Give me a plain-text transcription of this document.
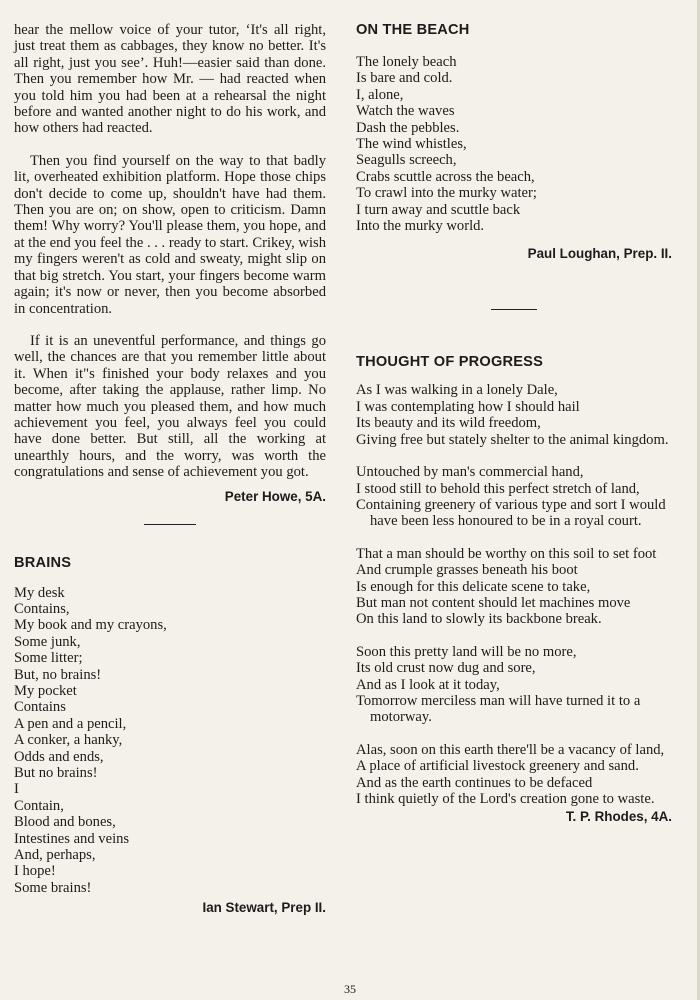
hear the mellow voice of your tutor, ‘It's all right, just treat them as cabbages, they know no better. It's all right, just you see’. Huh!—easier said than done. Then you remember how Mr. — had reacted when you told him you had been at a rehearsal the night before and wanted another night to do his work, and how others had reacted.

Then you find yourself on the way to that badly lit, overheated exhibition platform. Hope those chips don't decide to come up, shouldn't have had them. Then you are on; on show, open to criticism. Damn them! Why worry? You'll please them, you hope, and at the end you feel the . . . ready to start. Crikey, wish my fingers weren't as cold and sweaty, might slip on that big stretch. You start, your fingers become warm again; it's now or never, then you become absorbed in concentration.

If it is an uneventful performance, and things go well, the chances are that you remember little about it. When it"s finished your body relaxes and you become, after taking the applause, rather limp. No matter how much you pleased them, and how much achievement you feel, you always feel you could have done better. But still, all the working at unearthly hours, and the worry, was worth the congratulations and sense of achievement you got.

Peter Howe, 5A.

BRAINS
My desk
Contains,
My book and my crayons,
Some junk,
Some litter;
But, no brains!
My pocket
Contains
A pen and a pencil,
A conker, a hanky,
Odds and ends,
But no brains!
I
Contain,
Blood and bones,
Intestines and veins
And, perhaps,
I hope!
Some brains!

Ian Stewart, Prep II.

ON THE BEACH
The lonely beach
Is bare and cold.
I, alone,
Watch the waves
Dash the pebbles.
The wind whistles,
Seagulls screech,
Crabs scuttle across the beach,
To crawl into the murky water;
I turn away and scuttle back
Into the murky world.

Paul Loughan, Prep. II.

THOUGHT OF PROGRESS
As I was walking in a lonely Dale,
I was contemplating how I should hail
Its beauty and its wild freedom,
Giving free but stately shelter to the animal kingdom.
Untouched by man's commercial hand,
I stood still to behold this perfect stretch of land,
Containing greenery of various type and sort I would have been less honoured to be in a royal court.
That a man should be worthy on this soil to set foot
And crumple grasses beneath his boot
Is enough for this delicate scene to take,
But man not content should let machines move
On this land to slowly its backbone break.
Soon this pretty land will be no more,
Its old crust now dug and sore,
And as I look at it today,
Tomorrow merciless man will have turned it to a motorway.
Alas, soon on this earth there'll be a vacancy of land,
A place of artificial livestock greenery and sand.
And as the earth continues to be defaced
I think quietly of the Lord's creation gone to waste.

T. P. Rhodes, 4A.

35
